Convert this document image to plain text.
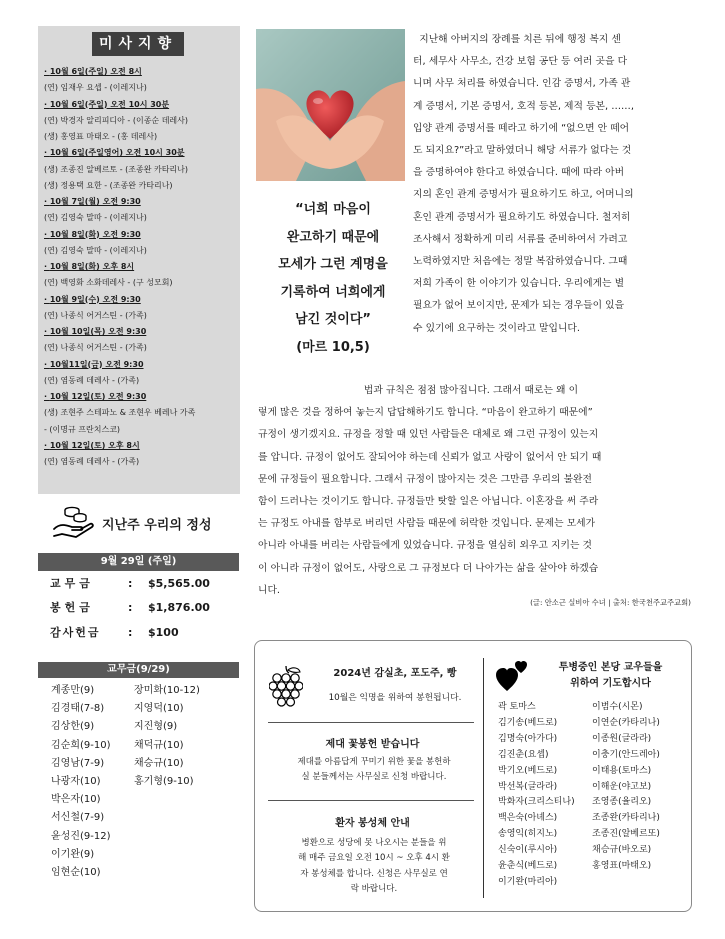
미사지향
· 10월 6일(주일) 오전 8시
(연) 임재우 요셉 - (이레지나)
· 10월 6일(주일) 오전 10시 30분
(연) 박경자 알리피디아 - (이종순 데레사)
(생) 홍영표 마태오 - (홍 데레사)
· 10월 6일(주일영어) 오전 10시 30분
(생) 조종진 알베르토 - (조종완 카타리나)
(생) 정용택 요한 - (조종완 카타리나)
· 10월 7일(월) 오전 9:30
(연) 김영숙 말따 - (이레지나)
· 10월 8일(화) 오전 9:30
(연) 김영숙 말따 - (이레지나)
· 10월 8일(화) 오후 8시
(연) 백영화 소화데레사 - (구 성모회)
· 10월 9일(수) 오전 9:30
(연) 나종식 어거스틴 - (가족)
· 10월 10일(목) 오전 9:30
(연) 나종식 어거스틴 - (가족)
· 10월11일(금) 오전 9:30
(연) 염동례 데레사 - (가족)
· 10월 12일(토) 오전 9:30
(생) 조현주 스테파노 & 조현우 베레나 가족
- (이명규 프란치스코)
· 10월 12일(토) 오후 8시
(연) 염동례 데레사 - (가족)
지난주 우리의 정성
9월 29일 (주일)
교무금	: $5,565.00
봉헌금	: $1,876.00
감사헌금 : $100
교무금(9/29)
계종만(9)
김경태(7-8)
김상한(9)
김순희(9-10)
김영남(7-9)
나광자(10)
박은자(10)
서신철(7-9)
윤성진(9-12)
이기완(9)
임현순(10)
장미화(10-12)
지영덕(10)
지진형(9)
채덕규(10)
채승규(10)
홍기형(9-10)
“너희 마음이
완고하기 때문에
모세가 그런 계명을
기록하여 너희에게
남긴 것이다”
(마르 10,5)
지난해 아버지의 장례를 치른 뒤에 행정 복지 센
터, 세무사 사무소, 건강 보험 공단 등 여러 곳을 다
니며 사무 처리를 하였습니다. 인감 증명서, 가족 관
계 증명서, 기본 증명서, 호적 등본, 제적 등본, ……,
입양 관계 증명서를 떼라고 하기에 “없으면 안 떼어
도 되지요?”라고 말하였더니 해당 서류가 없다는 것
을 증명하여야 한다고 하였습니다. 때에 따라 아버
지의 혼인 관계 증명서가 필요하기도 하고, 어머니의
혼인 관계 증명서가 필요하기도 하였습니다. 철저히
조사해서 정확하게 미리 서류를 준비하여서 가려고
노력하였지만 처음에는 정말 복잡하였습니다. 그때
저희 가족이 한 이야기가 있습니다. 우리에게는 별
필요가 없어 보이지만, 문제가 되는 경우들이 있을
수 있기에 요구하는 것이라고 말입니다.
법과 규칙은 점점 많아집니다. 그래서 때로는 왜 이
렇게 많은 것을 정하여 놓는지 답답해하기도 합니다. “마음이 완고하기 때문에”
규정이 생기겠지요. 규정을 정할 때 있던 사람들은 대체로 왜 그런 규정이 있는지
를 압니다. 규정이 없어도 잘되어야 하는데 신뢰가 없고 사랑이 없어서 안 되기 때
문에 규정들이 필요합니다. 그래서 규정이 많아지는 것은 그만큼 우리의 불완전
함이 드러나는 것이기도 합니다. 규정들만 탓할 일은 아닙니다. 이혼장을 써 주라
는 규정도 아내를 함부로 버리던 사람들 때문에 허락한 것입니다. 문제는 모세가
아니라 아내를 버리는 사람들에게 있었습니다. 규정을 열심히 외우고 지키는 것
이 아니라 규정이 없어도, 사랑으로 그 규정보다 더 나아가는 삶을 살아야 하겠습
니다.
(글: 안소근 실비아 수녀 | 출처: 한국천주교주교회)
2024년 감실초, 포도주, 빵
10월은 익명을 위하여 봉헌됩니다.
제대 꽃봉헌 받습니다
제대를 아름답게 꾸미기 위한 꽃을 봉헌하
실 분들께서는 사무실로 신청 바랍니다.
환자 봉성체 안내
병환으로 성당에 못 나오시는 분들을 위
해 매주 금요일 오전 10시 ~ 오후 4시 환
자 봉성체를 합니다. 신청은 사무실로 연
락 바랍니다.
투병중인 본당 교우들을
위하여 기도합시다
곽 토마스
김기송(베드로)
김명숙(아가다)
김진춘(요셉)
박기오(베드로)
박선복(글라라)
박화자(크리스티나)
백은숙(아녜스)
송영익(히지노)
신숙이(루시아)
윤춘식(베드로)
이기완(마리아)
이범수(시몬)
이연순(카타리나)
이종원(글라라)
이충기(안드레아)
이태용(토마스)
이해운(야고보)
조영종(율리오)
조종완(카타리나)
조종진(알베르또)
채승규(바오로)
홍영표(마태오)
